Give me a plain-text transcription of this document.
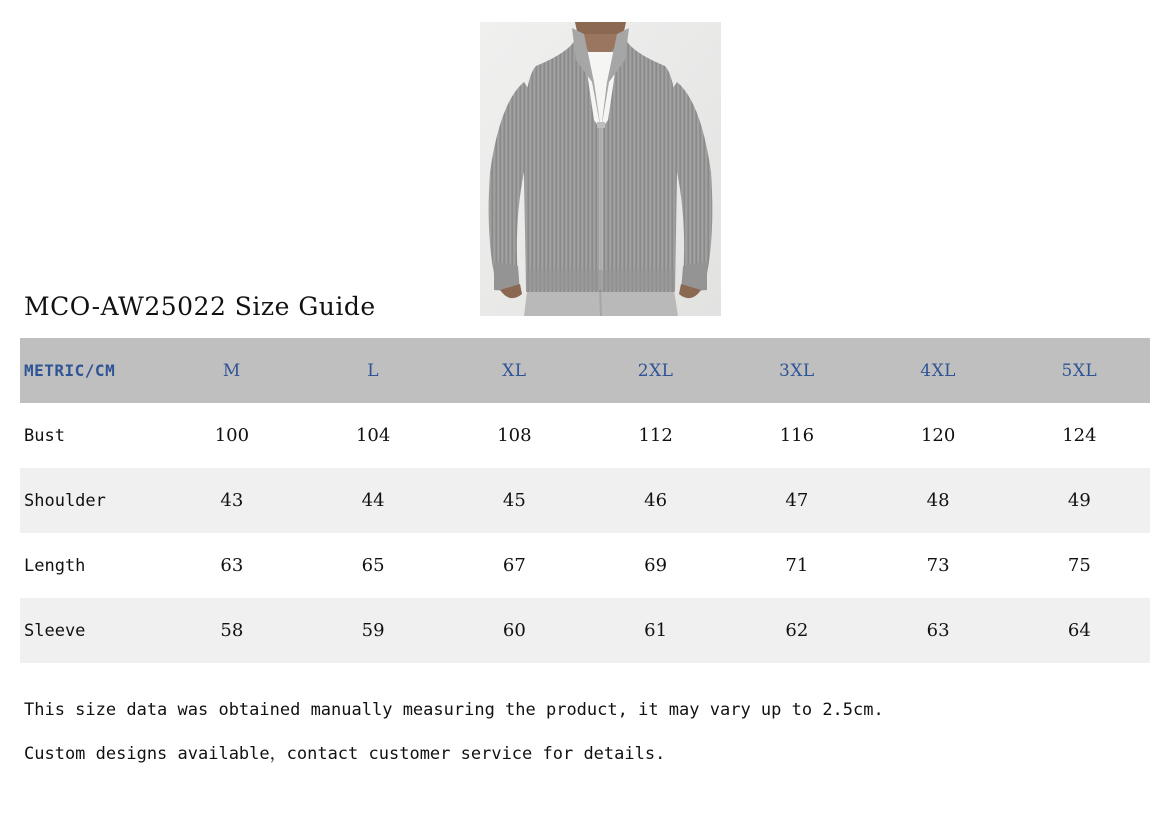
MCO-AW25022 Size Guide
METRIC/CM	M	L	XL	2XL	3XL	4XL	5XL
Bust	100	104	108	112	116	120	124
Shoulder	43	44	45	46	47	48	49
Length	63	65	67	69	71	73	75
Sleeve	58	59	60	61	62	63	64
This size data was obtained manually measuring the product, it may vary up to 2.5cm.
Custom designs available，contact customer service for details.
